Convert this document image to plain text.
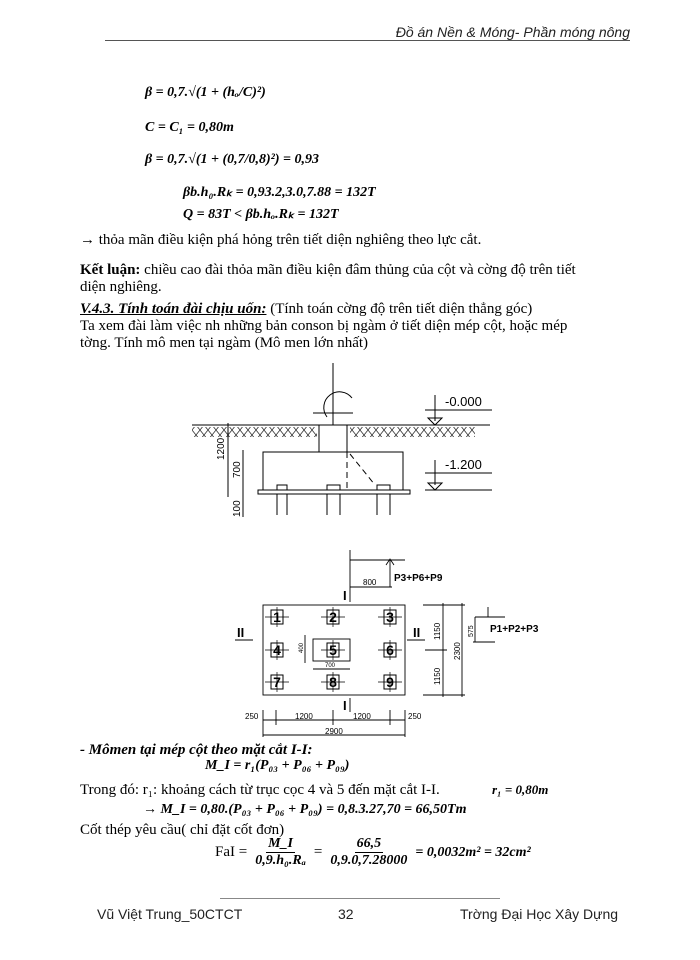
Đồ án Nền & Móng- Phần móng nông
β = 0,7.√(1 + (hₒ/C)²)
C = C₁ = 0,80m
β = 0,7.√(1 + (0,7/0,8)²) = 0,93
βb.h₀.Rₖ = 0,93.2,3.0,7.88 = 132T
Q = 83T < βb.hₒ.Rₖ = 132T
→ thỏa mãn điều kiện phá hỏng trên tiết diện nghiêng theo lực cắt.
Kết luận: chiều cao đài thỏa mãn điều kiện đâm thủng của cột và cờng độ trên tiết
diện nghiêng.
V.4.3. Tính toán đài chịu uốn: (Tính toán cờng độ trên tiết diện thẳng góc)
Ta xem đài làm việc nh những bản conson bị ngàm ở tiết diện mép cột, hoặc mép
tờng. Tính mô men tại ngàm (Mô men lớn nhất)
1200
700
100
-0.000
-1.200
1	2	3
4	5	6
7	8	9
I
I
II	II
800 P3+P6+P9
P1+P2+P3
575
1150
1150
2300
400
700
250	1200	1200	250
2900
- Mômen tại mép cột theo mặt cắt I-I:
M_I = r₁(P₀₃ + P₀₆ + P₀₉)
Trong đó: r₁: khoảng cách từ trục cọc 4 và 5 đến mặt cắt I-I.	r₁ = 0,80m
→ M_I = 0,80.(P₀₃ + P₀₆ + P₀₉) = 0,8.3.27,70 = 66,50Tm
Cốt thép yêu cầu( chỉ đặt cốt đơn)
FaI = $\frac{M\_I}{\text{0,9.h₀.Rₐ}} = \frac{66,5}{0,9.0,7.28000} = 0,0032m^2 = 32cm^2$
Vũ Việt Trung_50CTCT	32	Trờng Đại Học Xây Dựng
